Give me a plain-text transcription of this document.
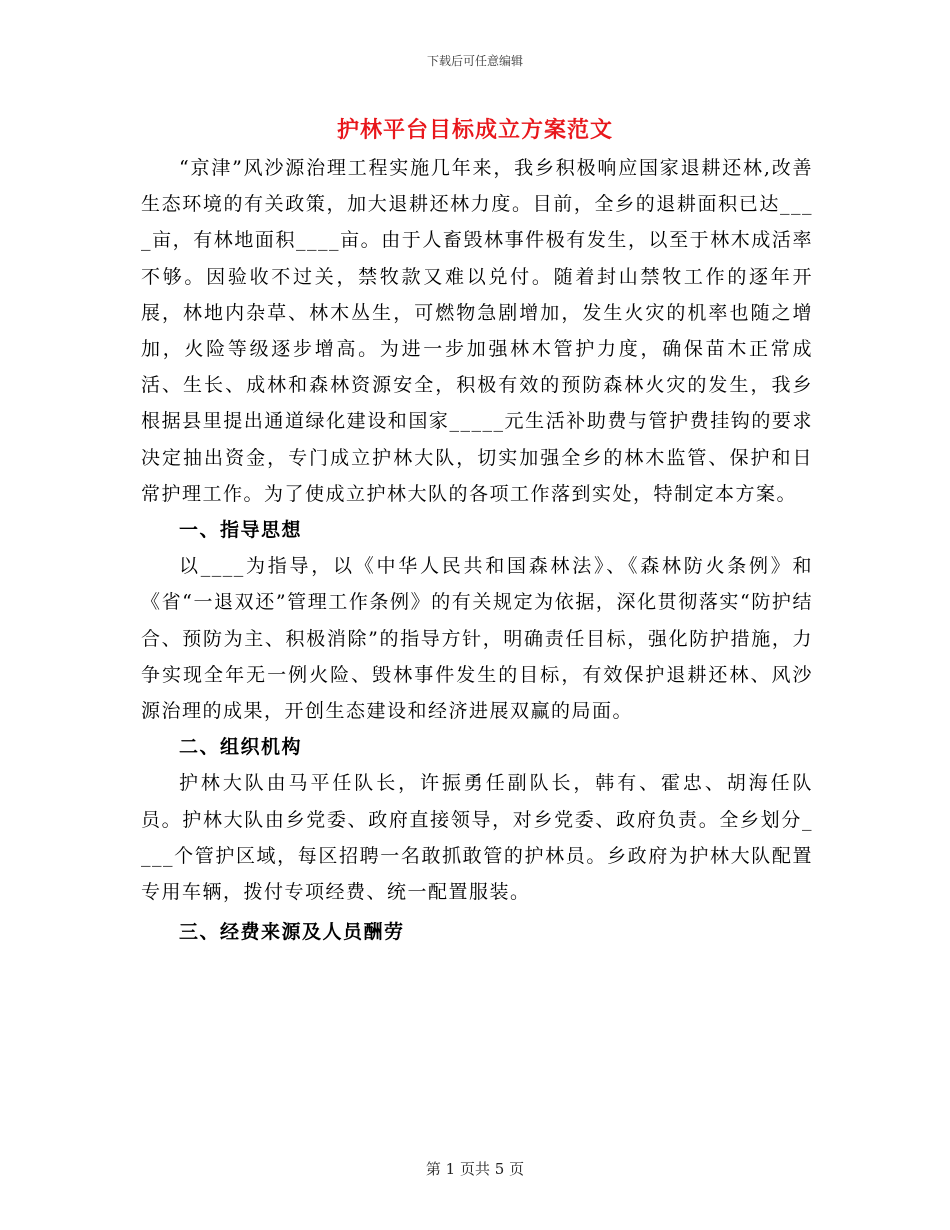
下载后可任意编辑
护林平台目标成立方案范文

“京津”风沙源治理工程实施几年来，我乡积极响应国家退耕还林,改善生态环境的有关政策，加大退耕还林力度。目前，全乡的退耕面积已达____亩，有林地面积____亩。由于人畜毁林事件极有发生，以至于林木成活率不够。因验收不过关，禁牧款又难以兑付。随着封山禁牧工作的逐年开展，林地内杂草、林木丛生，可燃物急剧增加，发生火灾的机率也随之增加，火险等级逐步增高。为进一步加强林木管护力度，确保苗木正常成活、生长、成林和森林资源安全，积极有效的预防森林火灾的发生，我乡根据县里提出通道绿化建设和国家_____元生活补助费与管护费挂钩的要求决定抽出资金，专门成立护林大队，切实加强全乡的林木监管、保护和日常护理工作。为了使成立护林大队的各项工作落到实处，特制定本方案。

一、指导思想

以____为指导，以《中华人民共和国森林法》、《森林防火条例》和《省“一退双还”管理工作条例》的有关规定为依据，深化贯彻落实“防护结合、预防为主、积极消除”的指导方针，明确责任目标，强化防护措施，力争实现全年无一例火险、毁林事件发生的目标，有效保护退耕还林、风沙源治理的成果，开创生态建设和经济进展双赢的局面。

二、组织机构

护林大队由马平任队长，许振勇任副队长，韩有、霍忠、胡海任队员。护林大队由乡党委、政府直接领导，对乡党委、政府负责。全乡划分____个管护区域，每区招聘一名敢抓敢管的护林员。乡政府为护林大队配置专用车辆，拨付专项经费、统一配置服装。

三、经费来源及人员酬劳

第 1 页共 5 页
